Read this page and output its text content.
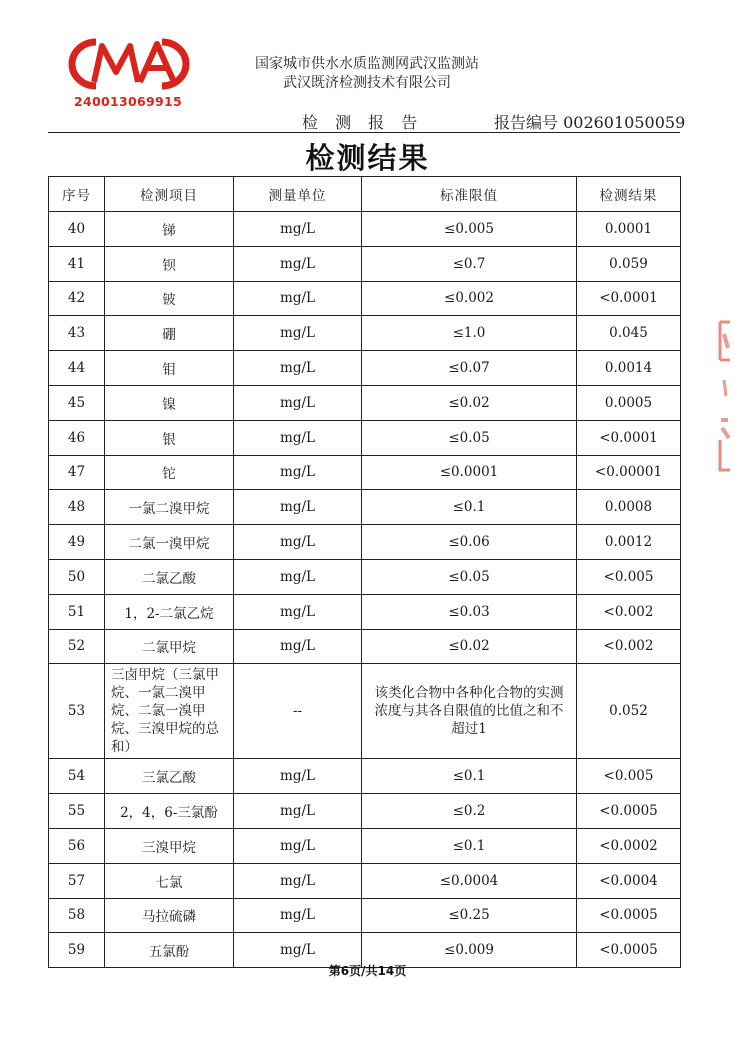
240013069915
国家城市供水水质监测网武汉监测站
武汉既济检测技术有限公司
检 测 报 告	报告编号 002601050059
检测结果
序号	检测项目	测量单位	标准限值	检测结果
40	锑	mg/L	≤0.005	0.0001
41	钡	mg/L	≤0.7	0.059
42	铍	mg/L	≤0.002	<0.0001
43	硼	mg/L	≤1.0	0.045
44	钼	mg/L	≤0.07	0.0014
45	镍	mg/L	≤0.02	0.0005
46	银	mg/L	≤0.05	<0.0001
47	铊	mg/L	≤0.0001	<0.00001
48	一氯二溴甲烷	mg/L	≤0.1	0.0008
49	二氯一溴甲烷	mg/L	≤0.06	0.0012
50	二氯乙酸	mg/L	≤0.05	<0.005
51	1，2-二氯乙烷	mg/L	≤0.03	<0.002
52	二氯甲烷	mg/L	≤0.02	<0.002
53	三卤甲烷（三氯甲烷、一氯二溴甲烷、二氯一溴甲烷、三溴甲烷的总和）	--	该类化合物中各种化合物的实测浓度与其各自限值的比值之和不超过1	0.052
54	三氯乙酸	mg/L	≤0.1	<0.005
55	2，4，6-三氯酚	mg/L	≤0.2	<0.0005
56	三溴甲烷	mg/L	≤0.1	<0.0002
57	七氯	mg/L	≤0.0004	<0.0004
58	马拉硫磷	mg/L	≤0.25	<0.0005
59	五氯酚	mg/L	≤0.009	<0.0005
第6页/共14页
